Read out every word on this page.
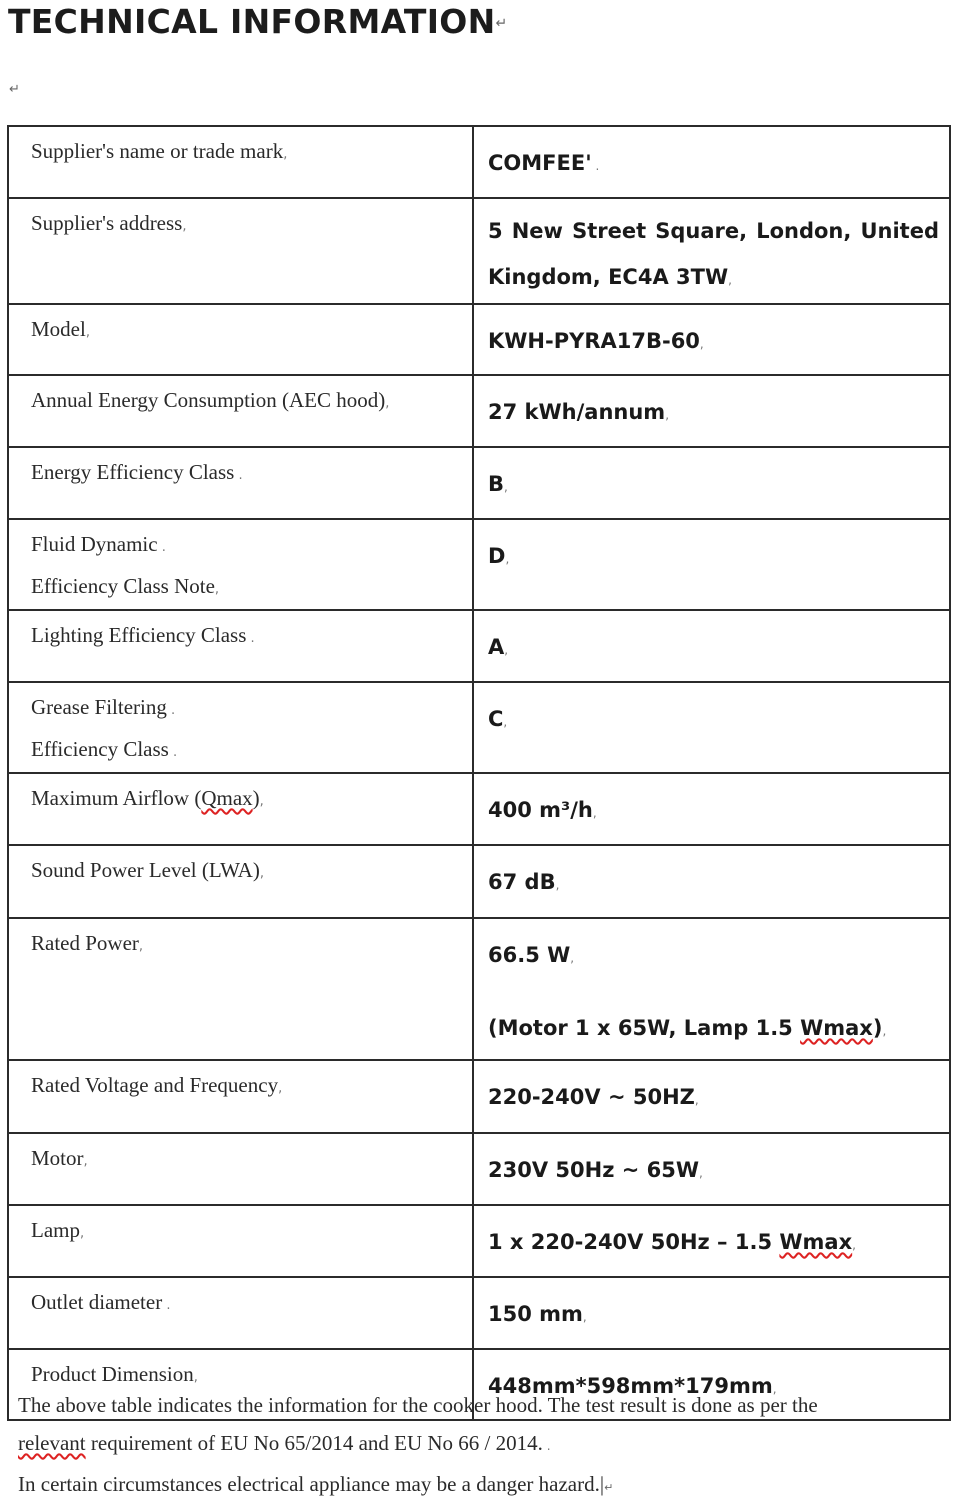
TECHNICAL INFORMATION↵
↵
Supplier's name or trade mark,	COMFEE' .
Supplier's address,	5 New Street Square, London, United Kingdom, EC4A 3TW,
Model,	KWH-PYRA17B-60,
Annual Energy Consumption (AEC hood),	27 kWh/annum,
Energy Efficiency Class .	B,
Fluid Dynamic .
Efficiency Class Note,	D,
Lighting Efficiency Class .	A,
Grease Filtering .
Efficiency Class .	C,
Maximum Airflow (Qmax),	400 m³/h,
Sound Power Level (LWA),	67 dB,
Rated Power,	66.5 W,
(Motor 1 x 65W, Lamp 1.5 Wmax),

Rated Voltage and Frequency,	220-240V ~ 50HZ,
Motor,	230V 50Hz ~ 65W,
Lamp,	1 x 220-240V 50Hz – 1.5 Wmax,
Outlet diameter .	150 mm,
Product Dimension,	448mm*598mm*179mm,

The above table indicates the information for the cooker hood. The test result is done as per the

relevant requirement of EU No 65/2014 and EU No 66 / 2014. .

In certain circumstances electrical appliance may be a danger hazard.|↵
